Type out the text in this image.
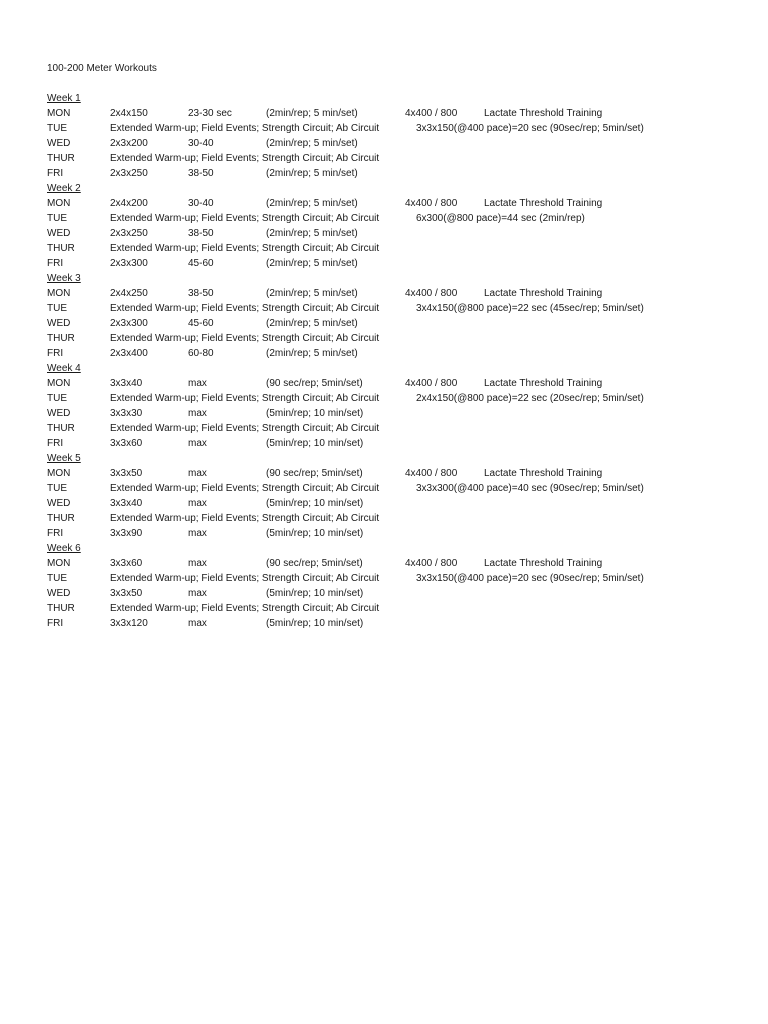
100-200 Meter Workouts
Week 1
MON	2x4x150	23-30 sec	(2min/rep; 5 min/set)	4x400 / 800	Lactate Threshold Training
TUE	Extended Warm-up; Field Events; Strength Circuit; Ab Circuit	3x3x150(@400 pace)=20 sec (90sec/rep; 5min/set)
WED	2x3x200	30-40	(2min/rep; 5 min/set)
THUR	Extended Warm-up; Field Events; Strength Circuit; Ab Circuit
FRI	2x3x250	38-50	(2min/rep; 5 min/set)
Week 2
MON	2x4x200	30-40	(2min/rep; 5 min/set)	4x400 / 800	Lactate Threshold Training
TUE	Extended Warm-up; Field Events; Strength Circuit; Ab Circuit	6x300(@800 pace)=44 sec (2min/rep)
WED	2x3x250	38-50	(2min/rep; 5 min/set)
THUR	Extended Warm-up; Field Events; Strength Circuit; Ab Circuit
FRI	2x3x300	45-60	(2min/rep; 5 min/set)
Week 3
MON	2x4x250	38-50	(2min/rep; 5 min/set)	4x400 / 800	Lactate Threshold Training
TUE	Extended Warm-up; Field Events; Strength Circuit; Ab Circuit	3x4x150(@800 pace)=22 sec (45sec/rep; 5min/set)
WED	2x3x300	45-60	(2min/rep; 5 min/set)
THUR	Extended Warm-up; Field Events; Strength Circuit; Ab Circuit
FRI	2x3x400	60-80	(2min/rep; 5 min/set)
Week 4
MON	3x3x40	max	(90 sec/rep; 5min/set)	4x400 / 800	Lactate Threshold Training
TUE	Extended Warm-up; Field Events; Strength Circuit; Ab Circuit	2x4x150(@800 pace)=22 sec (20sec/rep; 5min/set)
WED	3x3x30	max	(5min/rep; 10 min/set)
THUR	Extended Warm-up; Field Events; Strength Circuit; Ab Circuit
FRI	3x3x60	max	(5min/rep; 10 min/set)
Week 5
MON	3x3x50	max	(90 sec/rep; 5min/set)	4x400 / 800	Lactate Threshold Training
TUE	Extended Warm-up; Field Events; Strength Circuit; Ab Circuit	3x3x300(@400 pace)=40 sec (90sec/rep; 5min/set)
WED	3x3x40	max	(5min/rep; 10 min/set)
THUR	Extended Warm-up; Field Events; Strength Circuit; Ab Circuit
FRI	3x3x90	max	(5min/rep; 10 min/set)
Week 6
MON	3x3x60	max	(90 sec/rep; 5min/set)	4x400 / 800	Lactate Threshold Training
TUE	Extended Warm-up; Field Events; Strength Circuit; Ab Circuit	3x3x150(@400 pace)=20 sec (90sec/rep; 5min/set)
WED	3x3x50	max	(5min/rep; 10 min/set)
THUR	Extended Warm-up; Field Events; Strength Circuit; Ab Circuit
FRI	3x3x120	max	(5min/rep; 10 min/set)
